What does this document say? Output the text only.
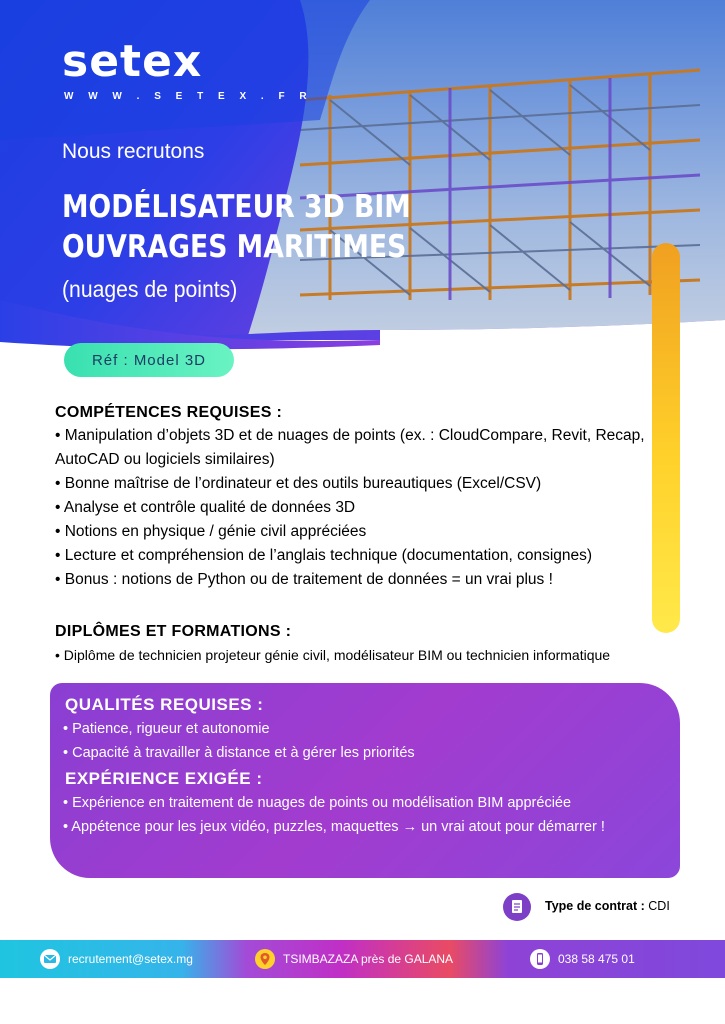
setex
W W W . S E T E X . F R
Nous recrutons
MODÉLISATEUR 3D BIM
OUVRAGES MARITIMES
(nuages de points)
Réf : Model 3D
COMPÉTENCES REQUISES :
• Manipulation d’objets 3D et de nuages de points (ex. : CloudCompare, Revit, Recap, AutoCAD ou logiciels similaires)
• Bonne maîtrise de l’ordinateur et des outils bureautiques (Excel/CSV)
• Analyse et contrôle qualité de données 3D
• Notions en physique / génie civil appréciées
• Lecture et compréhension de l’anglais technique (documentation, consignes)
• Bonus : notions de Python ou de traitement de données = un vrai plus !
DIPLÔMES ET FORMATIONS :
• Diplôme de technicien projeteur génie civil, modélisateur BIM ou technicien informatique
QUALITÉS REQUISES :
• Patience, rigueur et autonomie
• Capacité à travailler à distance et à gérer les priorités
EXPÉRIENCE EXIGÉE :
• Expérience en traitement de nuages de points ou modélisation BIM appréciée
• Appétence pour les jeux vidéo, puzzles, maquettes → un vrai atout pour démarrer !
Type de contrat : CDI
recrutement@setex.mg	TSIMBAZAZA près de GALANA	038 58 475 01
